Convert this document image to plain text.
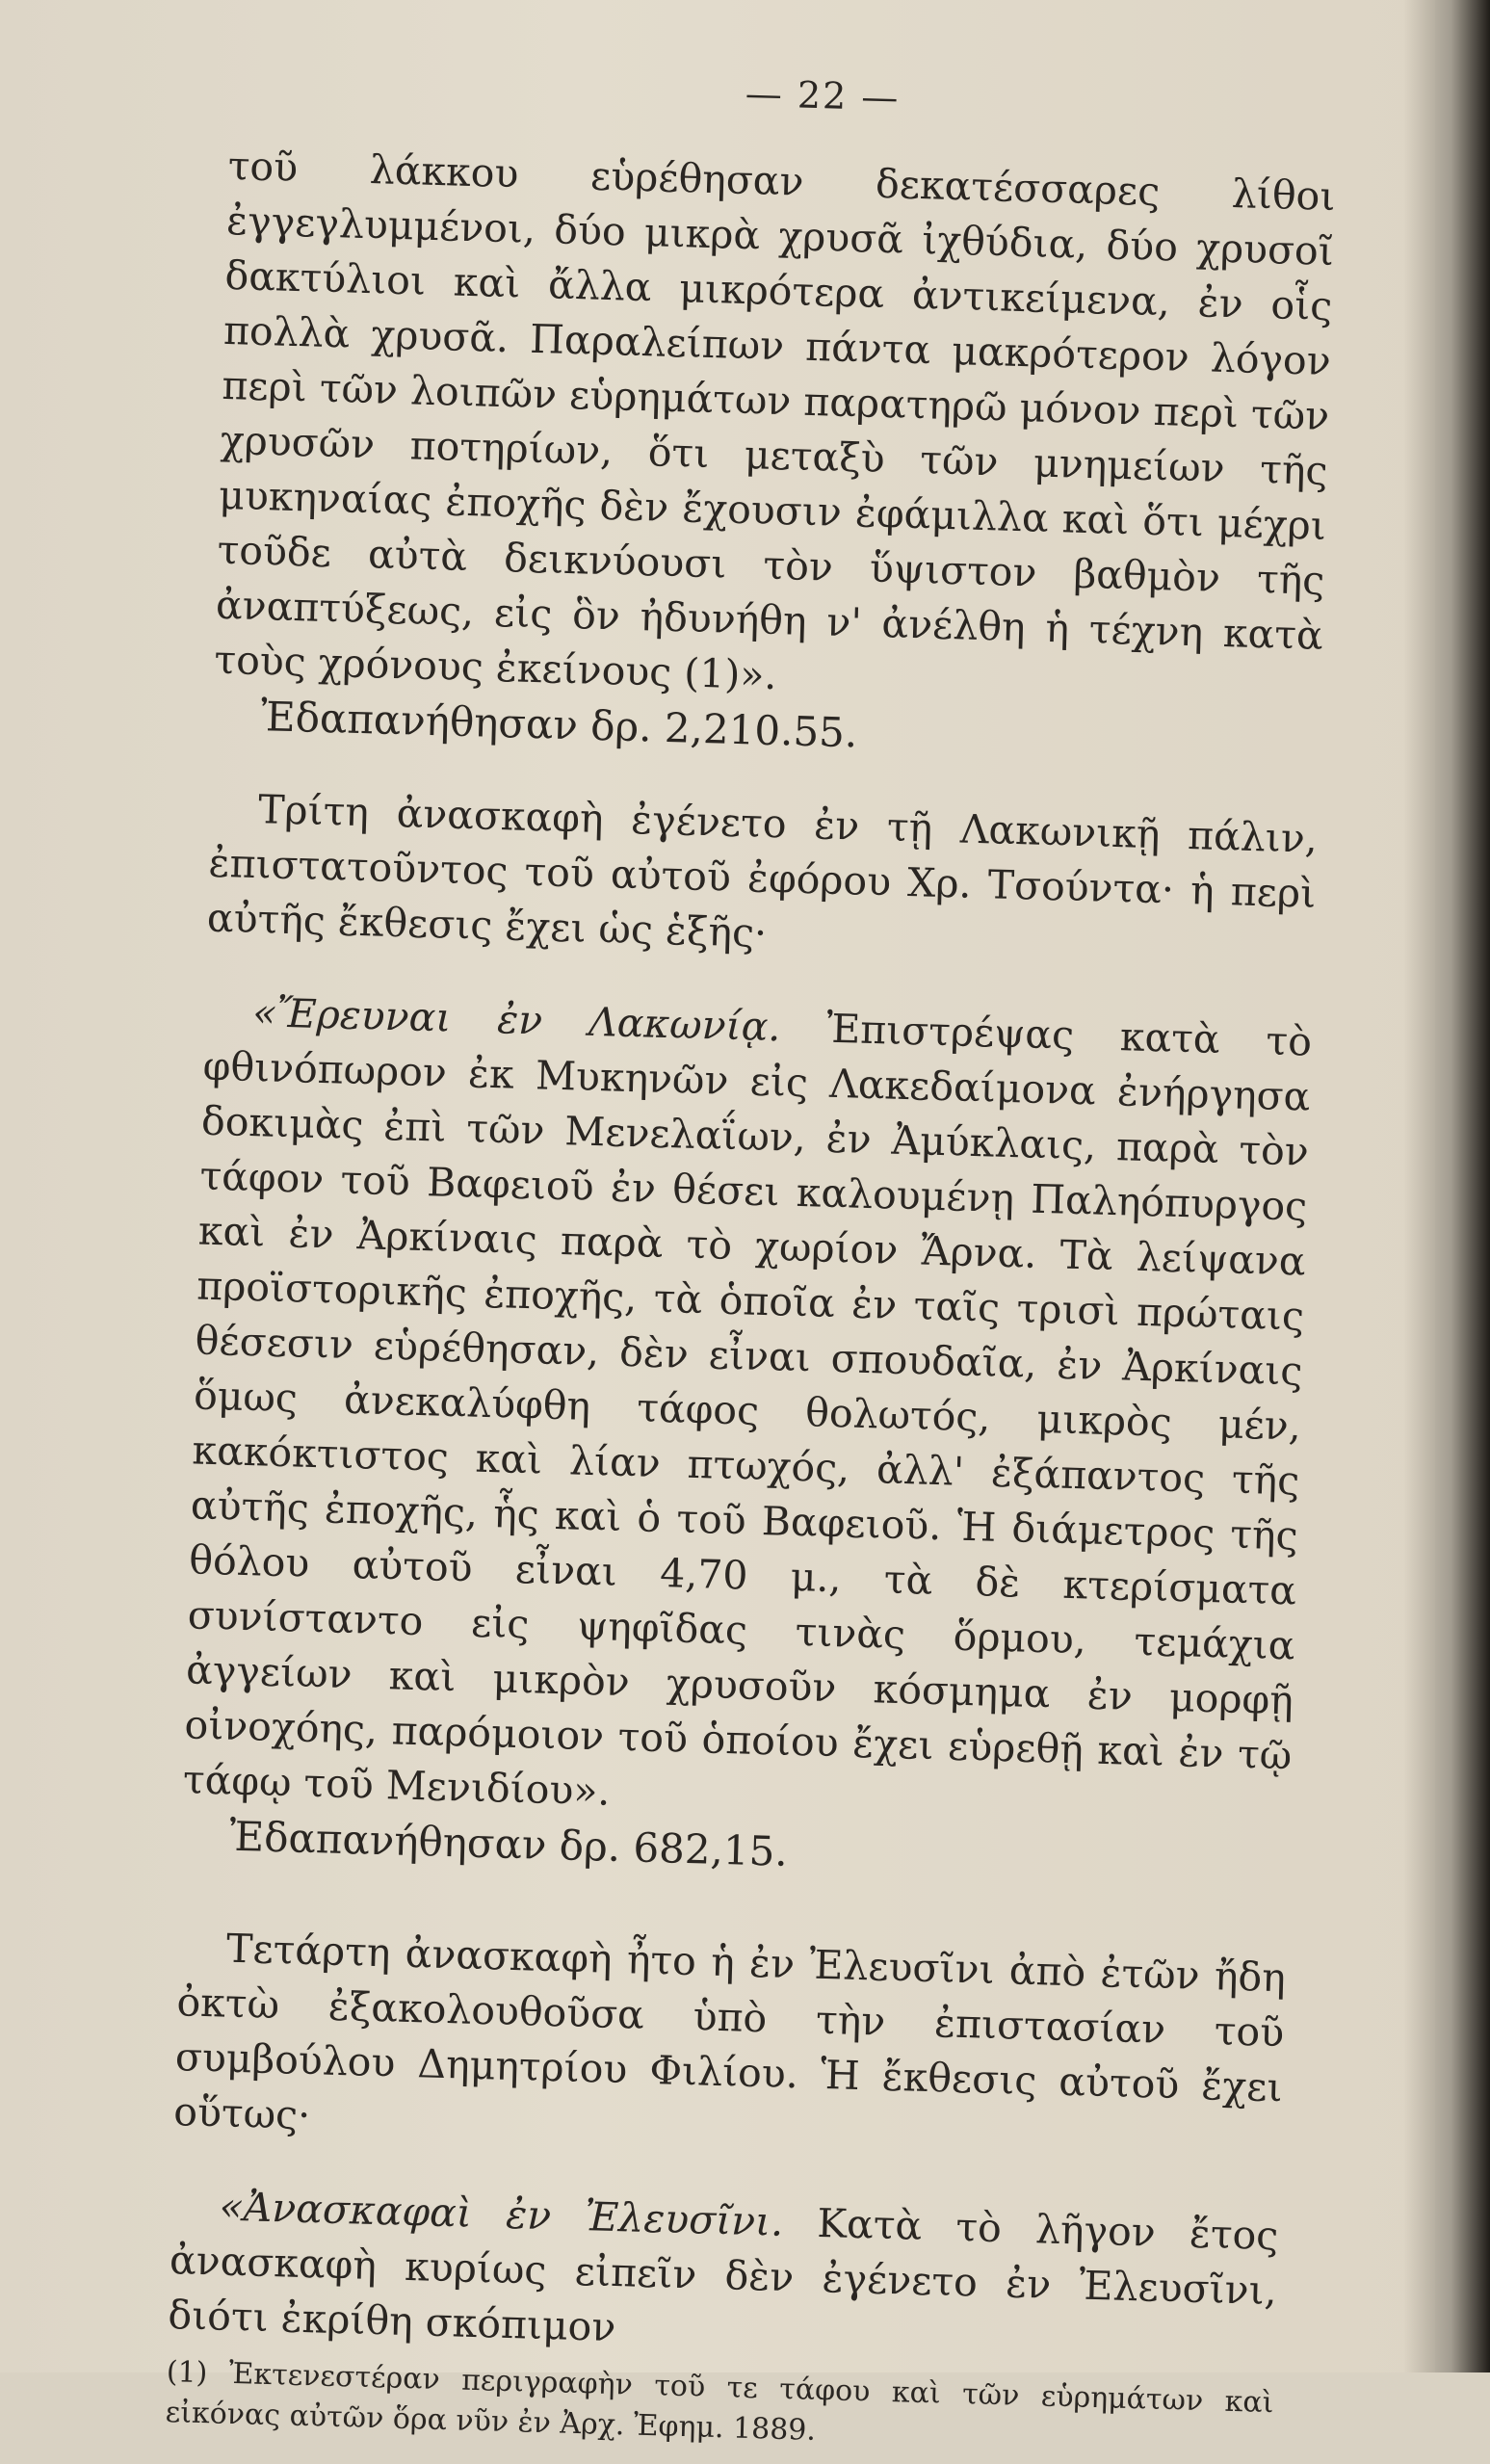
— 22 —

τοῦ λάκκου εὑρέθησαν δεκατέσσαρες λίθοι ἐγγεγλυμμένοι, δύο μικρὰ χρυσᾶ ἰχθύδια, δύο χρυσοῖ δακτύλιοι καὶ ἄλλα μικρότερα ἀντικείμενα, ἐν οἷς πολλὰ χρυσᾶ. Παραλείπων πάντα μακρότερον λόγον περὶ τῶν λοιπῶν εὑρημάτων παρατηρῶ μόνον περὶ τῶν χρυσῶν ποτηρίων, ὅτι μεταξὺ τῶν μνημείων τῆς μυκηναίας ἐποχῆς δὲν ἔχουσιν ἐφάμιλλα καὶ ὅτι μέχρι τοῦδε αὐτὰ δεικνύουσι τὸν ὕψιστον βαθμὸν τῆς ἀναπτύξεως, εἰς ὃν ἠδυνήθη ν' ἀνέλθη ἡ τέχνη κατὰ τοὺς χρόνους ἐκείνους (1)».

Ἐδαπανήθησαν δρ. 2,210.55.

Τρίτη ἀνασκαφὴ ἐγένετο ἐν τῇ Λακωνικῇ πάλιν, ἐπιστατοῦντος τοῦ αὐτοῦ ἐφόρου Χρ. Τσούντα· ἡ περὶ αὐτῆς ἔκθεσις ἔχει ὡς ἑξῆς·

«Ἔρευναι ἐν Λακωνίᾳ. Ἐπιστρέψας κατὰ τὸ φθινόπωρον ἐκ Μυκηνῶν εἰς Λακεδαίμονα ἐνήργησα δοκιμὰς ἐπὶ τῶν Μενελαΐων, ἐν Ἀμύκλαις, παρὰ τὸν τάφον τοῦ Βαφειοῦ ἐν θέσει καλουμένῃ Παληόπυργος καὶ ἐν Ἀρκίναις παρὰ τὸ χωρίον Ἄρνα. Τὰ λείψανα προϊστορικῆς ἐποχῆς, τὰ ὁποῖα ἐν ταῖς τρισὶ πρώταις θέσεσιν εὑρέθησαν, δὲν εἶναι σπουδαῖα, ἐν Ἀρκίναις ὅμως ἀνεκαλύφθη τάφος θολωτός, μικρὸς μέν, κακόκτιστος καὶ λίαν πτωχός, ἀλλ' ἐξάπαντος τῆς αὐτῆς ἐποχῆς, ἧς καὶ ὁ τοῦ Βαφειοῦ. Ἡ διάμετρος τῆς θόλου αὐτοῦ εἶναι 4,70 μ., τὰ δὲ κτερίσματα συνίσταντο εἰς ψηφῖδας τινὰς ὅρμου, τεμάχια ἀγγείων καὶ μικρὸν χρυσοῦν κόσμημα ἐν μορφῇ οἰνοχόης, παρόμοιον τοῦ ὁποίου ἔχει εὑρεθῇ καὶ ἐν τῷ τάφῳ τοῦ Μενιδίου».

Ἐδαπανήθησαν δρ. 682,15.

Τετάρτη ἀνασκαφὴ ἦτο ἡ ἐν Ἐλευσῖνι ἀπὸ ἐτῶν ἤδη ὀκτὼ ἐξακολουθοῦσα ὑπὸ τὴν ἐπιστασίαν τοῦ συμβούλου Δημητρίου Φιλίου. Ἡ ἔκθεσις αὐτοῦ ἔχει οὕτως·

«Ἀνασκαφαὶ ἐν Ἐλευσῖνι. Κατὰ τὸ λῆγον ἔτος ἀνασκαφὴ κυρίως εἰπεῖν δὲν ἐγένετο ἐν Ἐλευσῖνι, διότι ἐκρίθη σκόπιμον

(1) Ἐκτενεστέραν περιγραφὴν τοῦ τε τάφου καὶ τῶν εὑρημάτων καὶ εἰκόνας αὐτῶν ὅρα νῦν ἐν Ἀρχ. Ἐφημ. 1889.
